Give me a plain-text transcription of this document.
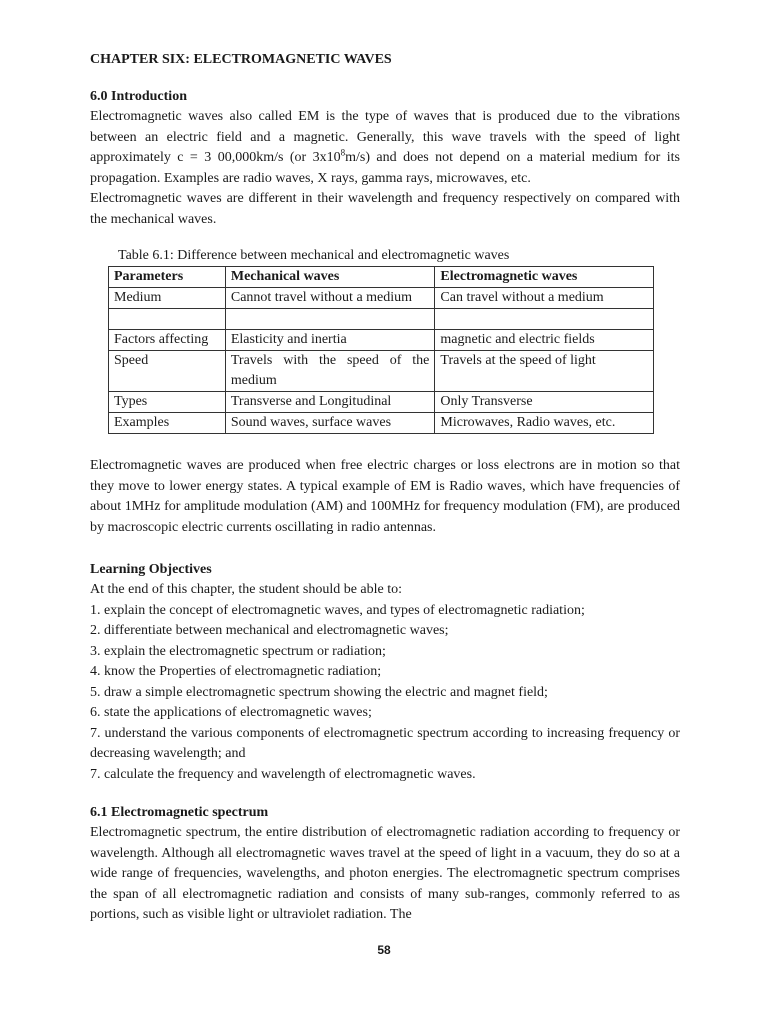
CHAPTER SIX: ELECTROMAGNETIC WAVES
6.0 Introduction

Electromagnetic waves also called EM is the type of waves that is produced due to the vibrations between an electric field and a magnetic. Generally, this wave travels with the speed of light approximately c = 3 00,000km/s (or $3x10^8m/s$) and does not depend on a material medium for its propagation. Examples are radio waves, X rays, gamma rays, microwaves, etc.

Electromagnetic waves are different in their wavelength and frequency respectively on compared with the mechanical waves.

Table 6.1: Difference between mechanical and electromagnetic waves
Parameters	Mechanical waves	Electromagnetic waves
Medium	Cannot travel without a medium	Can travel without a medium

Factors affecting	Elasticity and inertia	magnetic and electric fields
Speed	Travels with the speed of the medium	Travels at the speed of light
Types	Transverse and Longitudinal	Only Transverse
Examples	Sound waves, surface waves	Microwaves, Radio waves, etc.

Electromagnetic waves are produced when free electric charges or loss electrons are in motion so that they move to lower energy states. A typical example of EM is Radio waves, which have frequencies of about 1MHz for amplitude modulation (AM) and 100MHz for frequency modulation (FM), are produced by macroscopic electric currents oscillating in radio antennas.

Learning Objectives

At the end of this chapter, the student should be able to:

1. explain the concept of electromagnetic waves, and types of electromagnetic radiation;
2. differentiate between mechanical and electromagnetic waves;
3. explain the electromagnetic spectrum or radiation;
4. know the Properties of electromagnetic radiation;
5. draw a simple electromagnetic spectrum showing the electric and magnet field;
6. state the applications of electromagnetic waves;
7. understand the various components of electromagnetic spectrum according to increasing frequency or decreasing wavelength; and
7. calculate the frequency and wavelength of electromagnetic waves.
6.1 Electromagnetic spectrum

Electromagnetic spectrum, the entire distribution of electromagnetic radiation according to frequency or wavelength. Although all electromagnetic waves travel at the speed of light in a vacuum, they do so at a wide range of frequencies, wavelengths, and photon energies. The electromagnetic spectrum comprises the span of all electromagnetic radiation and consists of many sub-ranges, commonly referred to as portions, such as visible light or ultraviolet radiation. The

58
